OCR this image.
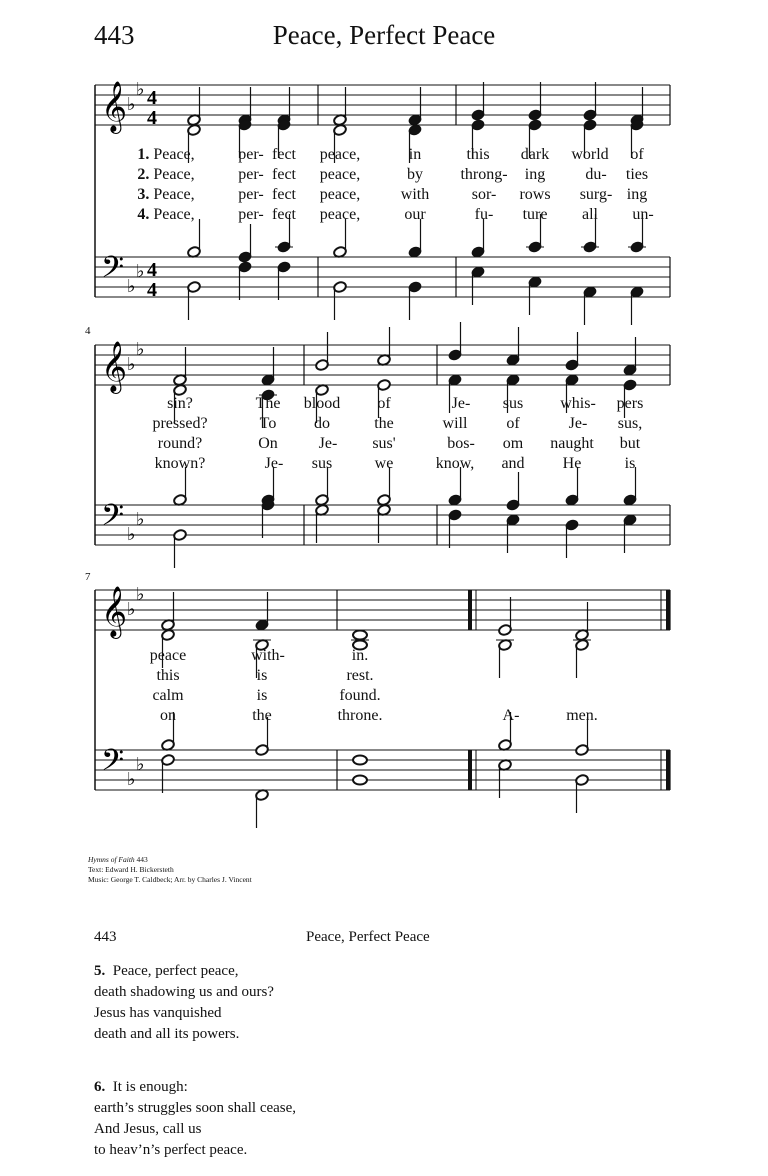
443	Peace, Perfect Peace
𝄞 ♭
♭
𝄢 ♭
♭
4
4
4
4
𝄞 ♭
♭
𝄢 ♭
♭
𝄞 ♭
♭
𝄢 ♭
♭
1. Peace,	per- fect peace,	in	this dark world of
2. Peace,	per- fect peace,	by throng- ing	du- ties
3. Peace,	per- fect peace,	with	sor- rows surg- ing
4. Peace,	per- fect peace,	our	fu- ture all un-
sin?	The blood of	Je- sus whis- pers
pressed?	To do	the	will of	Je- sus,
round?	On	Je- sus'	bos- om naught but
known?	Je- sus	we	know, and He	is
peace	with-	in.
this	is	rest.
calm	is	found.
on	the	throne.	A-	men.
4
7
Hymns of Faith 443
Text: Edward H. Bickersteth
Music: George T. Caldbeck; Arr. by Charles J. Vincent
443	Peace, Perfect Peace
5. Peace, perfect peace,
death shadowing us and ours?
Jesus has vanquished
death and all its powers.
6. It is enough:
earth’s struggles soon shall cease,
And Jesus, call us
to heav’n’s perfect peace.
